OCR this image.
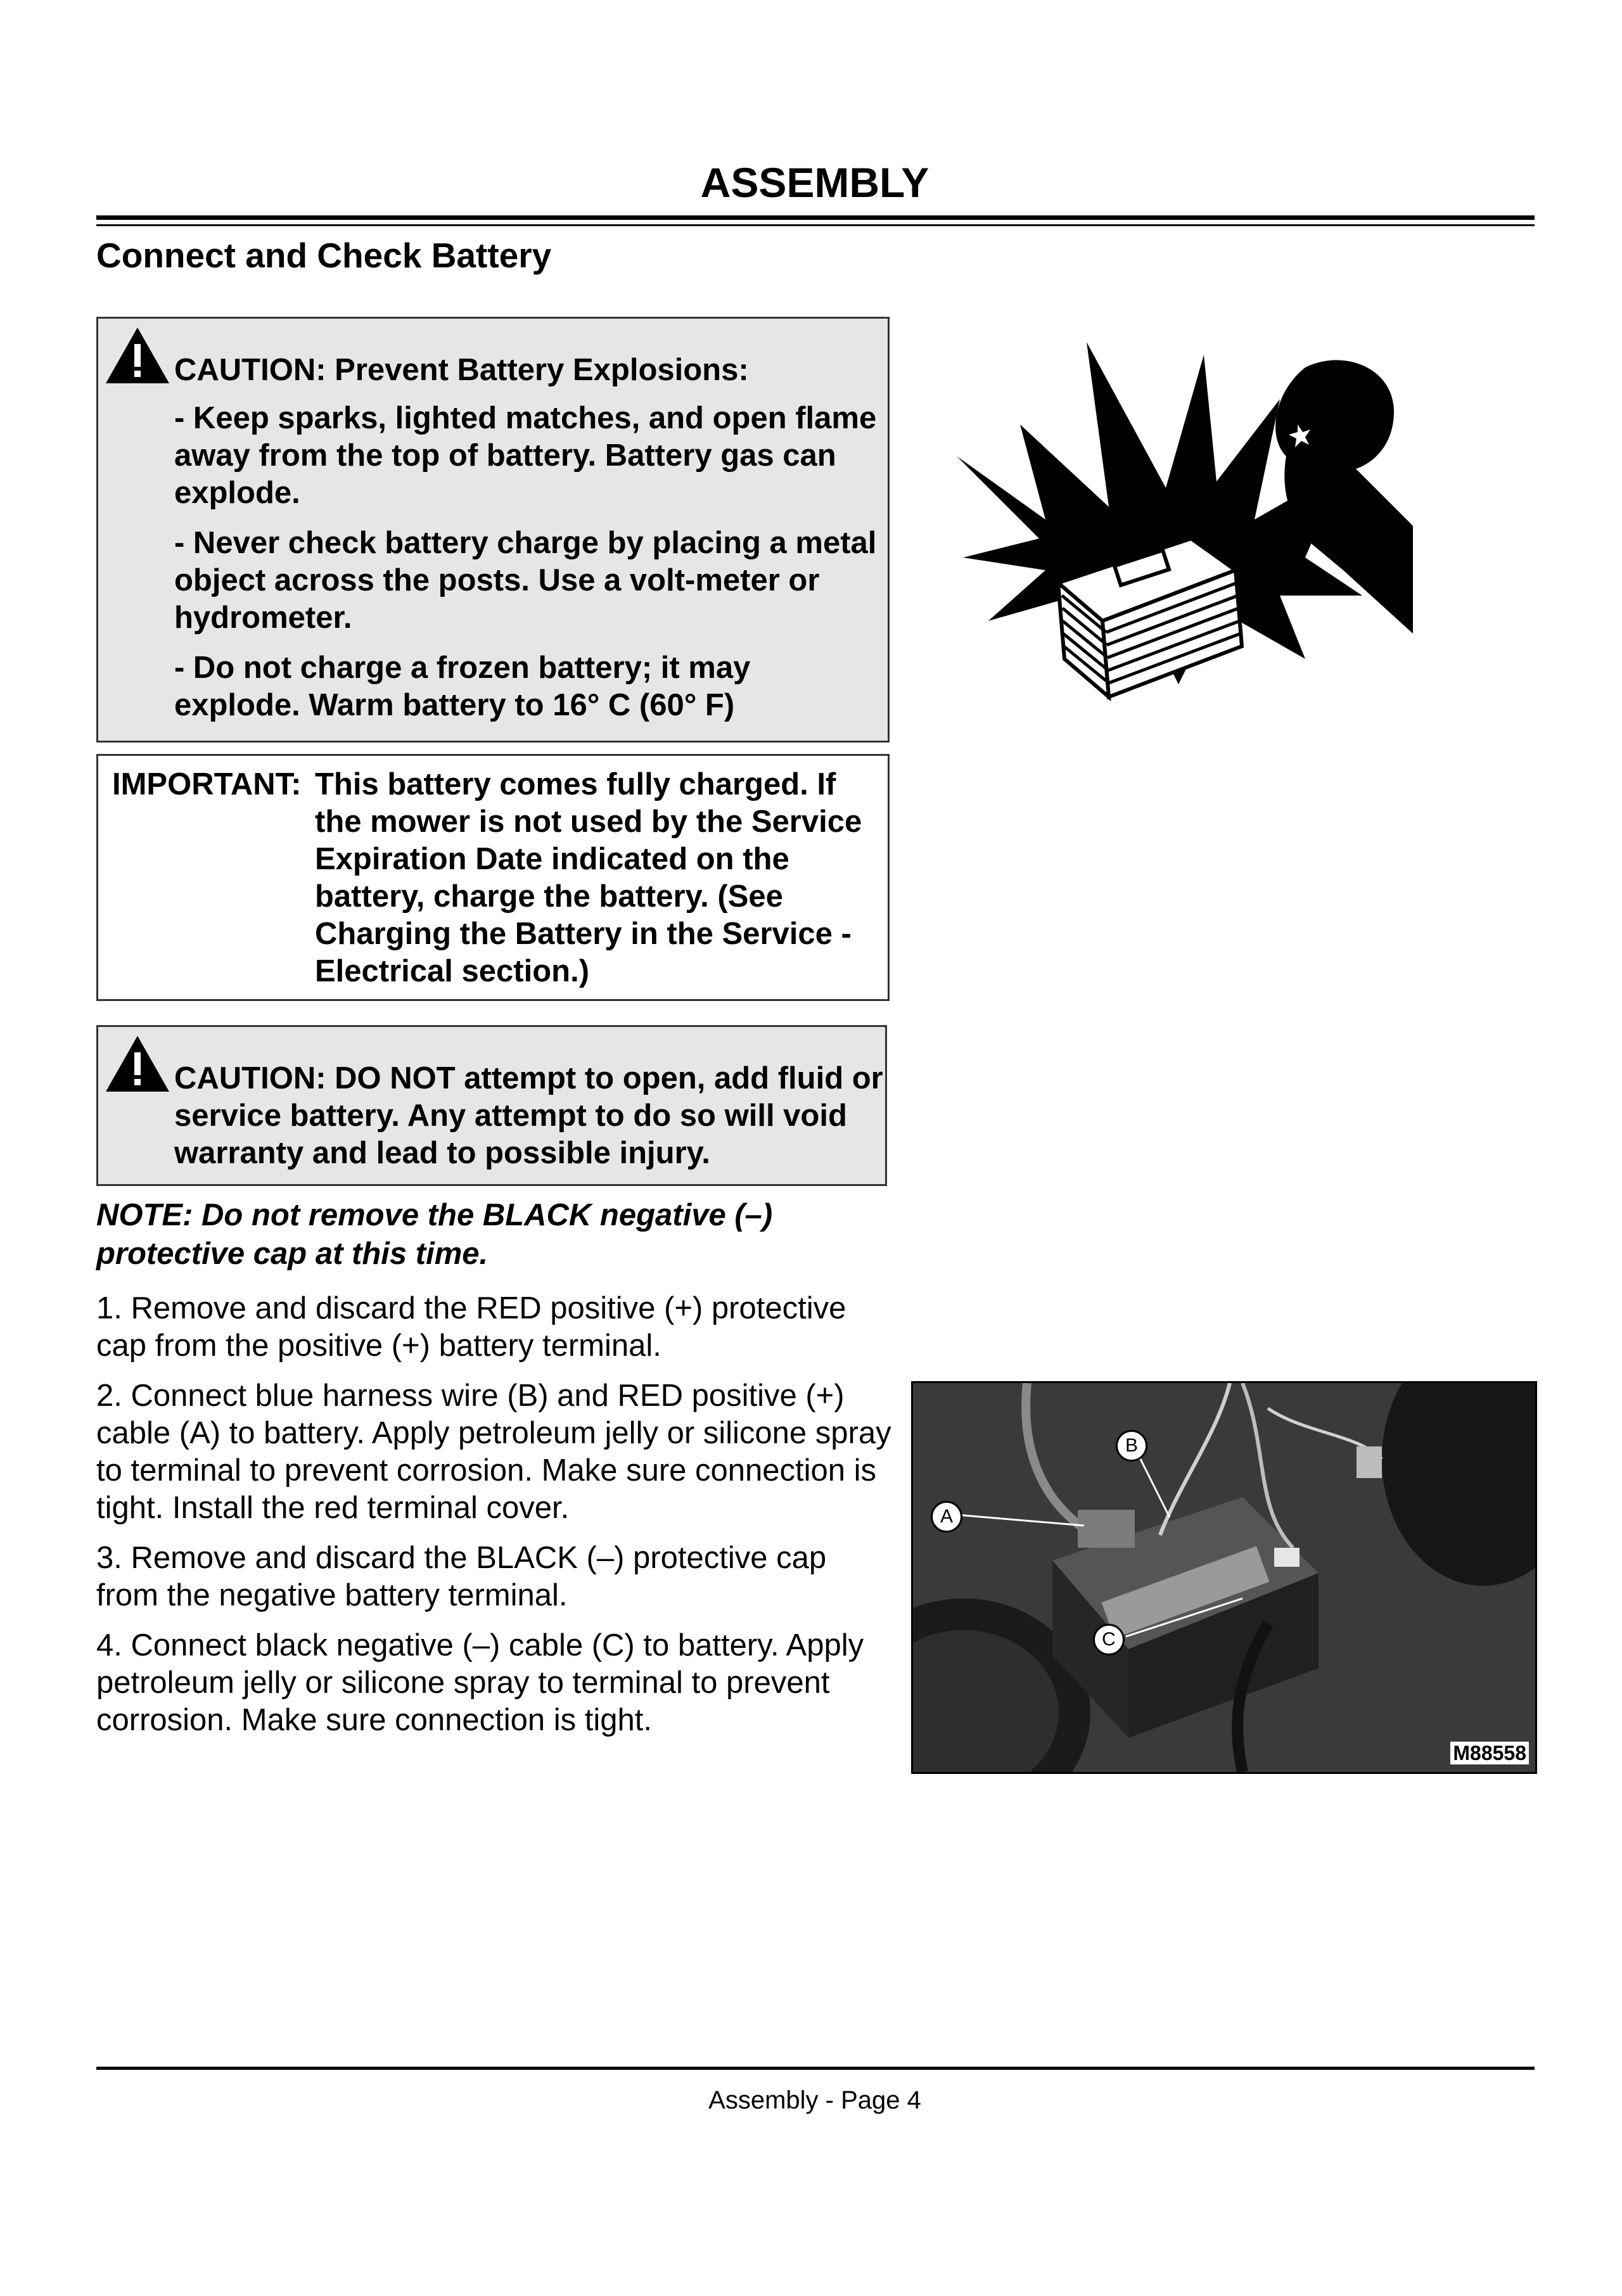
ASSEMBLY
Connect and Check Battery
CAUTION: Prevent Battery Explosions:

- Keep sparks, lighted matches, and open flame away from the top of battery. Battery gas can explode.

- Never check battery charge by placing a metal object across the posts. Use a volt-meter or hydrometer.

- Do not charge a frozen battery; it may explode. Warm battery to 16° C (60° F)

IMPORTANT: This battery comes fully charged. If the mower is not used by the Service Expiration Date indicated on the battery, charge the battery. (See Charging the Battery in the Service - Electrical section.)
CAUTION: DO NOT attempt to open, add fluid or service battery. Any attempt to do so will void warranty and lead to possible injury.
NOTE: Do not remove the BLACK negative (–) protective cap at this time.

1. Remove and discard the RED positive (+) protective cap from the positive (+) battery terminal.

2. Connect blue harness wire (B) and RED positive (+) cable (A) to battery. Apply petroleum jelly or silicone spray to terminal to prevent corrosion. Make sure connection is tight. Install the red terminal cover.

3. Remove and discard the BLACK (–) protective cap from the negative battery terminal.

4. Connect black negative (–) cable (C) to battery. Apply petroleum jelly or silicone spray to terminal to prevent corrosion. Make sure connection is tight.

A
B
C
M88558
Assembly - Page 4
